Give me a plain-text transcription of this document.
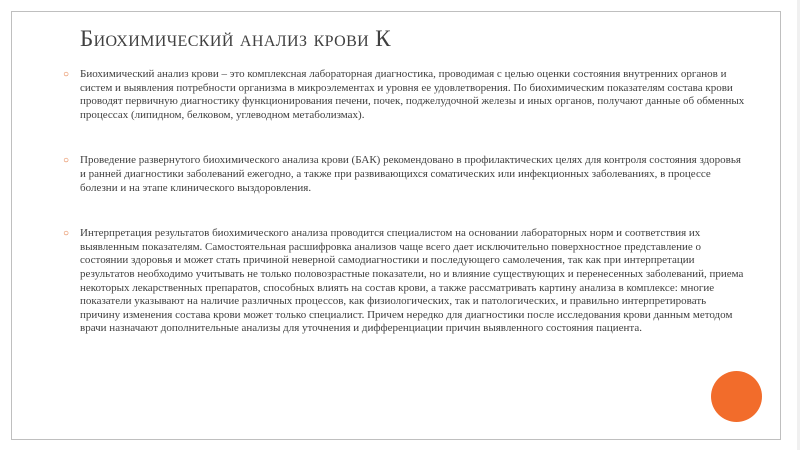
Биохимический анализ крови К
○ Биохимический анализ крови – это комплексная лабораторная диагностика, проводимая с целью оценки состояния внутренних органов и систем и выявления потребности организма в микроэлементах и уровня ее удовлетворения. По биохимическим показателям состава крови проводят первичную диагностику функционирования печени, почек, поджелудочной железы и иных органов, получают данные об обменных процессах (липидном, белковом, углеводном метаболизмах).
○ Проведение развернутого биохимического анализа крови (БАК) рекомендовано в профилактических целях для контроля состояния здоровья и ранней диагностики заболеваний ежегодно, а также при развивающихся соматических или инфекционных заболеваниях, в процессе болезни и на этапе клинического выздоровления.
○ Интерпретация результатов биохимического анализа проводится специалистом на основании лабораторных норм и соответствия их выявленным показателям. Самостоятельная расшифровка анализов чаще всего дает исключительно поверхностное представление о состоянии здоровья и может стать причиной неверной самодиагностики и последующего самолечения, так как при интерпретации результатов необходимо учитывать не только половозрастные показатели, но и влияние существующих и перенесенных заболеваний, приема некоторых лекарственных препаратов, способных влиять на состав крови, а также рассматривать картину анализа в комплексе: многие показатели указывают на наличие различных процессов, как физиологических, так и патологических, и правильно интерпретировать причину изменения состава крови может только специалист. Причем нередко для диагностики после исследования крови данным методом врачи назначают дополнительные анализы для уточнения и дифференциации причин выявленного состояния пациента.
